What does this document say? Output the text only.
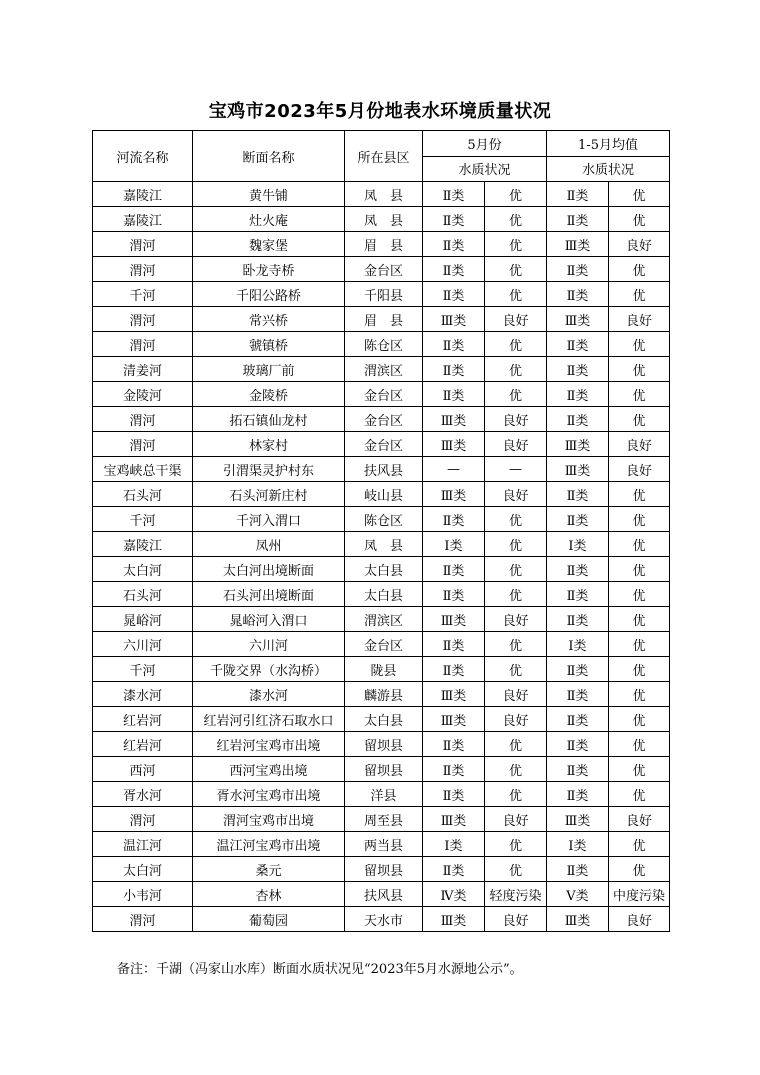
宝鸡市2023年5月份地表水环境质量状况
河流名称	断面名称	所在县区	5月份		1-5月均值	
			水质状况		水质状况	
嘉陵江	黄牛铺	凤　县	Ⅱ类	优	Ⅱ类	优
嘉陵江	灶火庵	凤　县	Ⅱ类	优	Ⅱ类	优
渭河	魏家堡	眉　县	Ⅱ类	优	Ⅲ类	良好
渭河	卧龙寺桥	金台区	Ⅱ类	优	Ⅱ类	优
千河	千阳公路桥	千阳县	Ⅱ类	优	Ⅱ类	优
渭河	常兴桥	眉　县	Ⅲ类	良好	Ⅲ类	良好
渭河	虢镇桥	陈仓区	Ⅱ类	优	Ⅱ类	优
清姜河	玻璃厂前	渭滨区	Ⅱ类	优	Ⅱ类	优
金陵河	金陵桥	金台区	Ⅱ类	优	Ⅱ类	优
渭河	拓石镇仙龙村	金台区	Ⅲ类	良好	Ⅱ类	优
渭河	林家村	金台区	Ⅲ类	良好	Ⅲ类	良好
宝鸡峡总干渠	引渭渠灵护村东	扶风县	—	—	Ⅲ类	良好
石头河	石头河新庄村	岐山县	Ⅲ类	良好	Ⅱ类	优
千河	千河入渭口	陈仓区	Ⅱ类	优	Ⅱ类	优
嘉陵江	凤州	凤　县	Ⅰ类	优	Ⅰ类	优
太白河	太白河出境断面	太白县	Ⅱ类	优	Ⅱ类	优
石头河	石头河出境断面	太白县	Ⅱ类	优	Ⅱ类	优
晁峪河	晁峪河入渭口	渭滨区	Ⅲ类	良好	Ⅱ类	优
六川河	六川河	金台区	Ⅱ类	优	Ⅰ类	优
千河	千陇交界（水沟桥）	陇县	Ⅱ类	优	Ⅱ类	优
漆水河	漆水河	麟游县	Ⅲ类	良好	Ⅱ类	优
红岩河	红岩河引红济石取水口	太白县	Ⅲ类	良好	Ⅱ类	优
红岩河	红岩河宝鸡市出境	留坝县	Ⅱ类	优	Ⅱ类	优
西河	西河宝鸡出境	留坝县	Ⅱ类	优	Ⅱ类	优
胥水河	胥水河宝鸡市出境	洋县	Ⅱ类	优	Ⅱ类	优
渭河	渭河宝鸡市出境	周至县	Ⅲ类	良好	Ⅲ类	良好
温江河	温江河宝鸡市出境	两当县	Ⅰ类	优	Ⅰ类	优
太白河	桑元	留坝县	Ⅱ类	优	Ⅱ类	优
小韦河	杏林	扶风县	Ⅳ类	轻度污染	Ⅴ类	中度污染
渭河	葡萄园	天水市	Ⅲ类	良好	Ⅲ类	良好
备注：千湖（冯家山水库）断面水质状况见“2023年5月水源地公示”。
